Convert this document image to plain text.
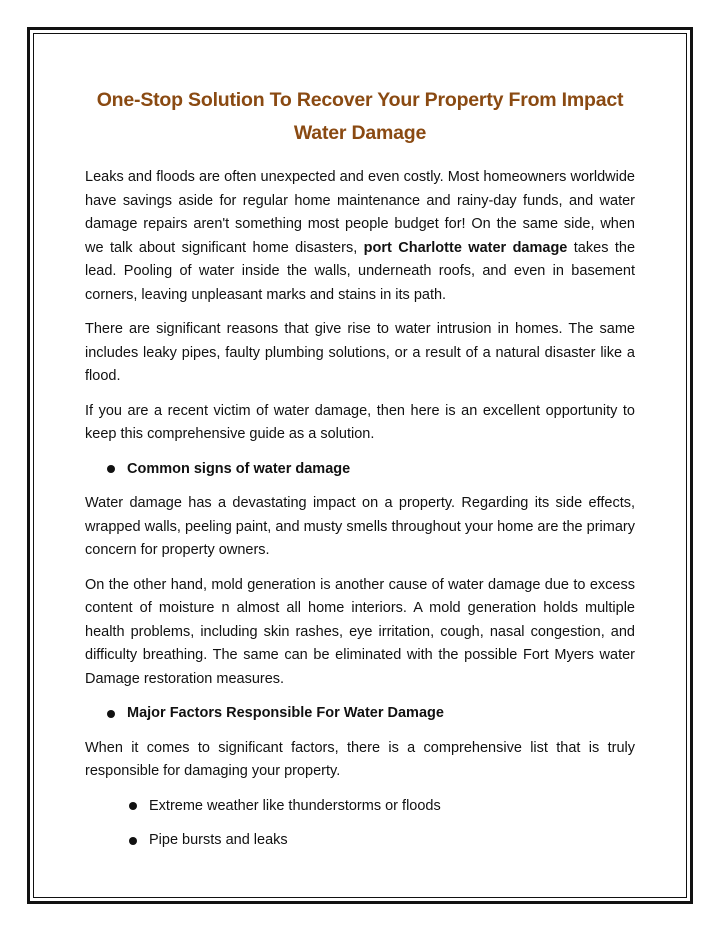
One-Stop Solution To Recover Your Property From Impact Water Damage

Leaks and floods are often unexpected and even costly. Most homeowners worldwide have savings aside for regular home maintenance and rainy-day funds, and water damage repairs aren't something most people budget for! On the same side, when we talk about significant home disasters, port Charlotte water damage takes the lead. Pooling of water inside the walls, underneath roofs, and even in basement corners, leaving unpleasant marks and stains in its path.

There are significant reasons that give rise to water intrusion in homes. The same includes leaky pipes, faulty plumbing solutions, or a result of a natural disaster like a flood.

If you are a recent victim of water damage, then here is an excellent opportunity to keep this comprehensive guide as a solution.

Common signs of water damage

Water damage has a devastating impact on a property. Regarding its side effects, wrapped walls, peeling paint, and musty smells throughout your home are the primary concern for property owners.

On the other hand, mold generation is another cause of water damage due to excess content of moisture n almost all home interiors. A mold generation holds multiple health problems, including skin rashes, eye irritation, cough, nasal congestion, and difficulty breathing. The same can be eliminated with the possible Fort Myers water Damage restoration measures.

Major Factors Responsible For Water Damage

When it comes to significant factors, there is a comprehensive list that is truly responsible for damaging your property.

Extreme weather like thunderstorms or floods
Pipe bursts and leaks
